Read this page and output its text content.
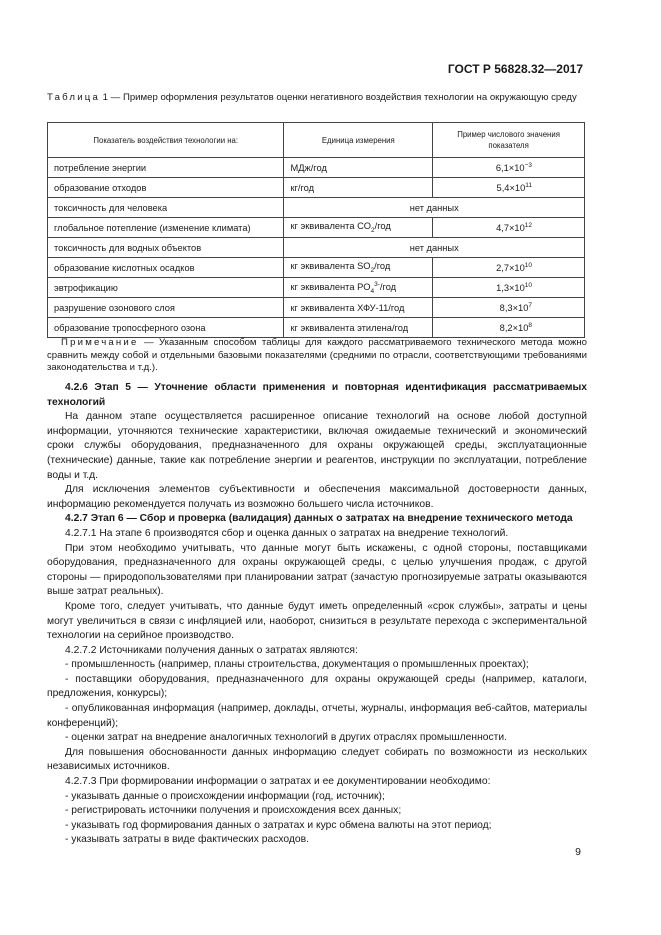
ГОСТ Р 56828.32—2017
Таблица 1 — Пример оформления результатов оценки негативного воздействия технологии на окружающую среду
Показатель воздействия технологии на:	Единица измерения	Пример числового значения показателя
потребление энергии	МДж/год	$6,1\times 10^{-3}$
образование отходов	кг/год	$5,4\times 10^{11}$
токсичность для человека	нет данных	
глобальное потепление (изменение климата)	кг эквивалента $CO_2$/год	$4,7\times 10^{12}$
токсичность для водных объектов	нет данных	
образование кислотных осадков	кг эквивалента $SO_2$/год	$2,7\times 10^{10}$
эвтрофикацию	кг эквивалента $PO_4^{3-}$/год	$1,3\times 10^{10}$
разрушение озонового слоя	кг эквивалента ХФУ-11/год	$8,3\times 10^7$
образование тропосферного озона	кг эквивалента этилена/год	$8,2\times 10^8$
Примечание — Указанным способом таблицы для каждого рассматриваемого технического метода можно сравнить между собой и отдельными базовыми показателями (средними по отрасли, соответствующими требованиями законодательства и т.д.).

4.2.6 Этап 5 — Уточнение области применения и повторная идентификация рассматриваемых технологий

На данном этапе осуществляется расширенное описание технологий на основе любой доступной информации, уточняются технические характеристики, включая ожидаемые технический и экономический сроки службы оборудования, предназначенного для охраны окружающей среды, эксплуатационные (технические) данные, такие как потребление энергии и реагентов, инструкции по эксплуатации, потребление воды и т.д.

Для исключения элементов субъективности и обеспечения максимальной достоверности данных, информацию рекомендуется получать из возможно большего числа источников.

4.2.7 Этап 6 — Сбор и проверка (валидация) данных о затратах на внедрение технического метода

4.2.7.1 На этапе 6 производятся сбор и оценка данных о затратах на внедрение технологий.

При этом необходимо учитывать, что данные могут быть искажены, с одной стороны, поставщиками оборудования, предназначенного для охраны окружающей среды, с целью улучшения продаж, с другой стороны — природопользователями при планировании затрат (зачастую прогнозируемые затраты оказываются выше затрат реальных).

Кроме того, следует учитывать, что данные будут иметь определенный «срок службы», затраты и цены могут увеличиться в связи с инфляцией или, наоборот, снизиться в результате перехода с экспериментальной технологии на серийное производство.

4.2.7.2 Источниками получения данных о затратах являются:

- промышленность (например, планы строительства, документация о промышленных проектах);

- поставщики оборудования, предназначенного для охраны окружающей среды (например, каталоги, предложения, конкурсы);

- опубликованная информация (например, доклады, отчеты, журналы, информация веб-сайтов, материалы конференций);

- оценки затрат на внедрение аналогичных технологий в других отраслях промышленности.

Для повышения обоснованности данных информацию следует собирать по возможности из нескольких независимых источников.

4.2.7.3 При формировании информации о затратах и ее документировании необходимо:

- указывать данные о происхождении информации (год, источник);

- регистрировать источники получения и происхождения всех данных;

- указывать год формирования данных о затратах и курс обмена валюты на этот период;

- указывать затраты в виде фактических расходов.

9
